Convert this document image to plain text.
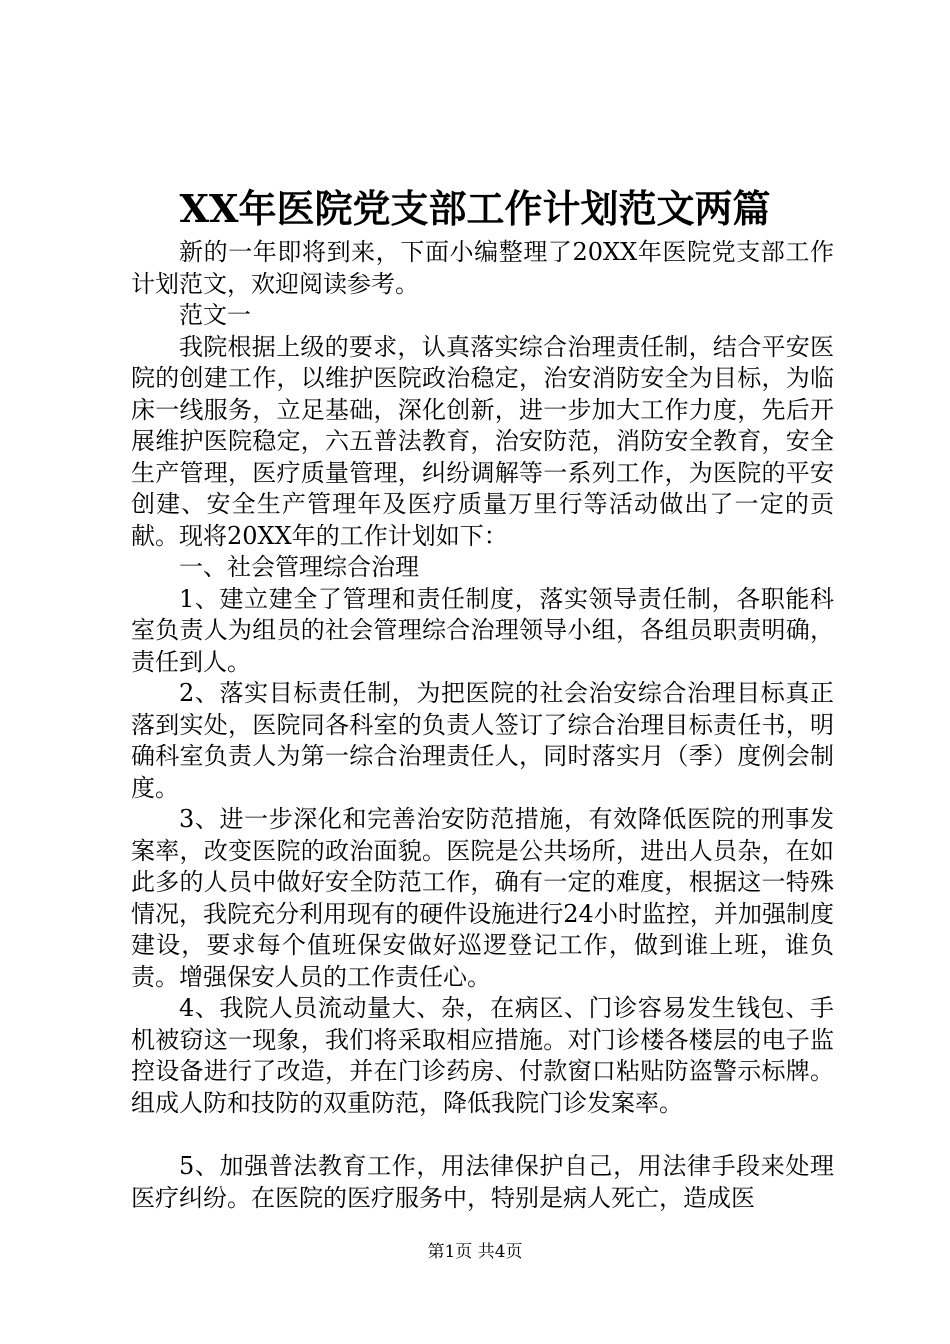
XX年医院党支部工作计划范文两篇

新的一年即将到来，下面小编整理了20XX年医院党支部工作计划范文，欢迎阅读参考。

范文一

我院根据上级的要求，认真落实综合治理责任制，结合平安医院的创建工作，以维护医院政治稳定，治安消防安全为目标，为临床一线服务，立足基础，深化创新，进一步加大工作力度，先后开展维护医院稳定，六五普法教育，治安防范，消防安全教育，安全生产管理，医疗质量管理，纠纷调解等一系列工作，为医院的平安创建、安全生产管理年及医疗质量万里行等活动做出了一定的贡献。现将20XX年的工作计划如下：

一、社会管理综合治理

1、建立建全了管理和责任制度，落实领导责任制，各职能科室负责人为组员的社会管理综合治理领导小组，各组员职责明确，责任到人。

2、落实目标责任制，为把医院的社会治安综合治理目标真正落到实处，医院同各科室的负责人签订了综合治理目标责任书，明确科室负责人为第一综合治理责任人，同时落实月（季）度例会制度。

3、进一步深化和完善治安防范措施，有效降低医院的刑事发案率，改变医院的政治面貌。医院是公共场所，进出人员杂，在如此多的人员中做好安全防范工作，确有一定的难度，根据这一特殊情况，我院充分利用现有的硬件设施进行24小时监控，并加强制度建设，要求每个值班保安做好巡逻登记工作，做到谁上班，谁负责。增强保安人员的工作责任心。

4、我院人员流动量大、杂，在病区、门诊容易发生钱包、手机被窃这一现象，我们将采取相应措施。对门诊楼各楼层的电子监控设备进行了改造，并在门诊药房、付款窗口粘贴防盗警示标牌。组成人防和技防的双重防范，降低我院门诊发案率。

5、加强普法教育工作，用法律保护自己，用法律手段来处理医疗纠纷。在医院的医疗服务中，特别是病人死亡，造成医

第1页 共4页
